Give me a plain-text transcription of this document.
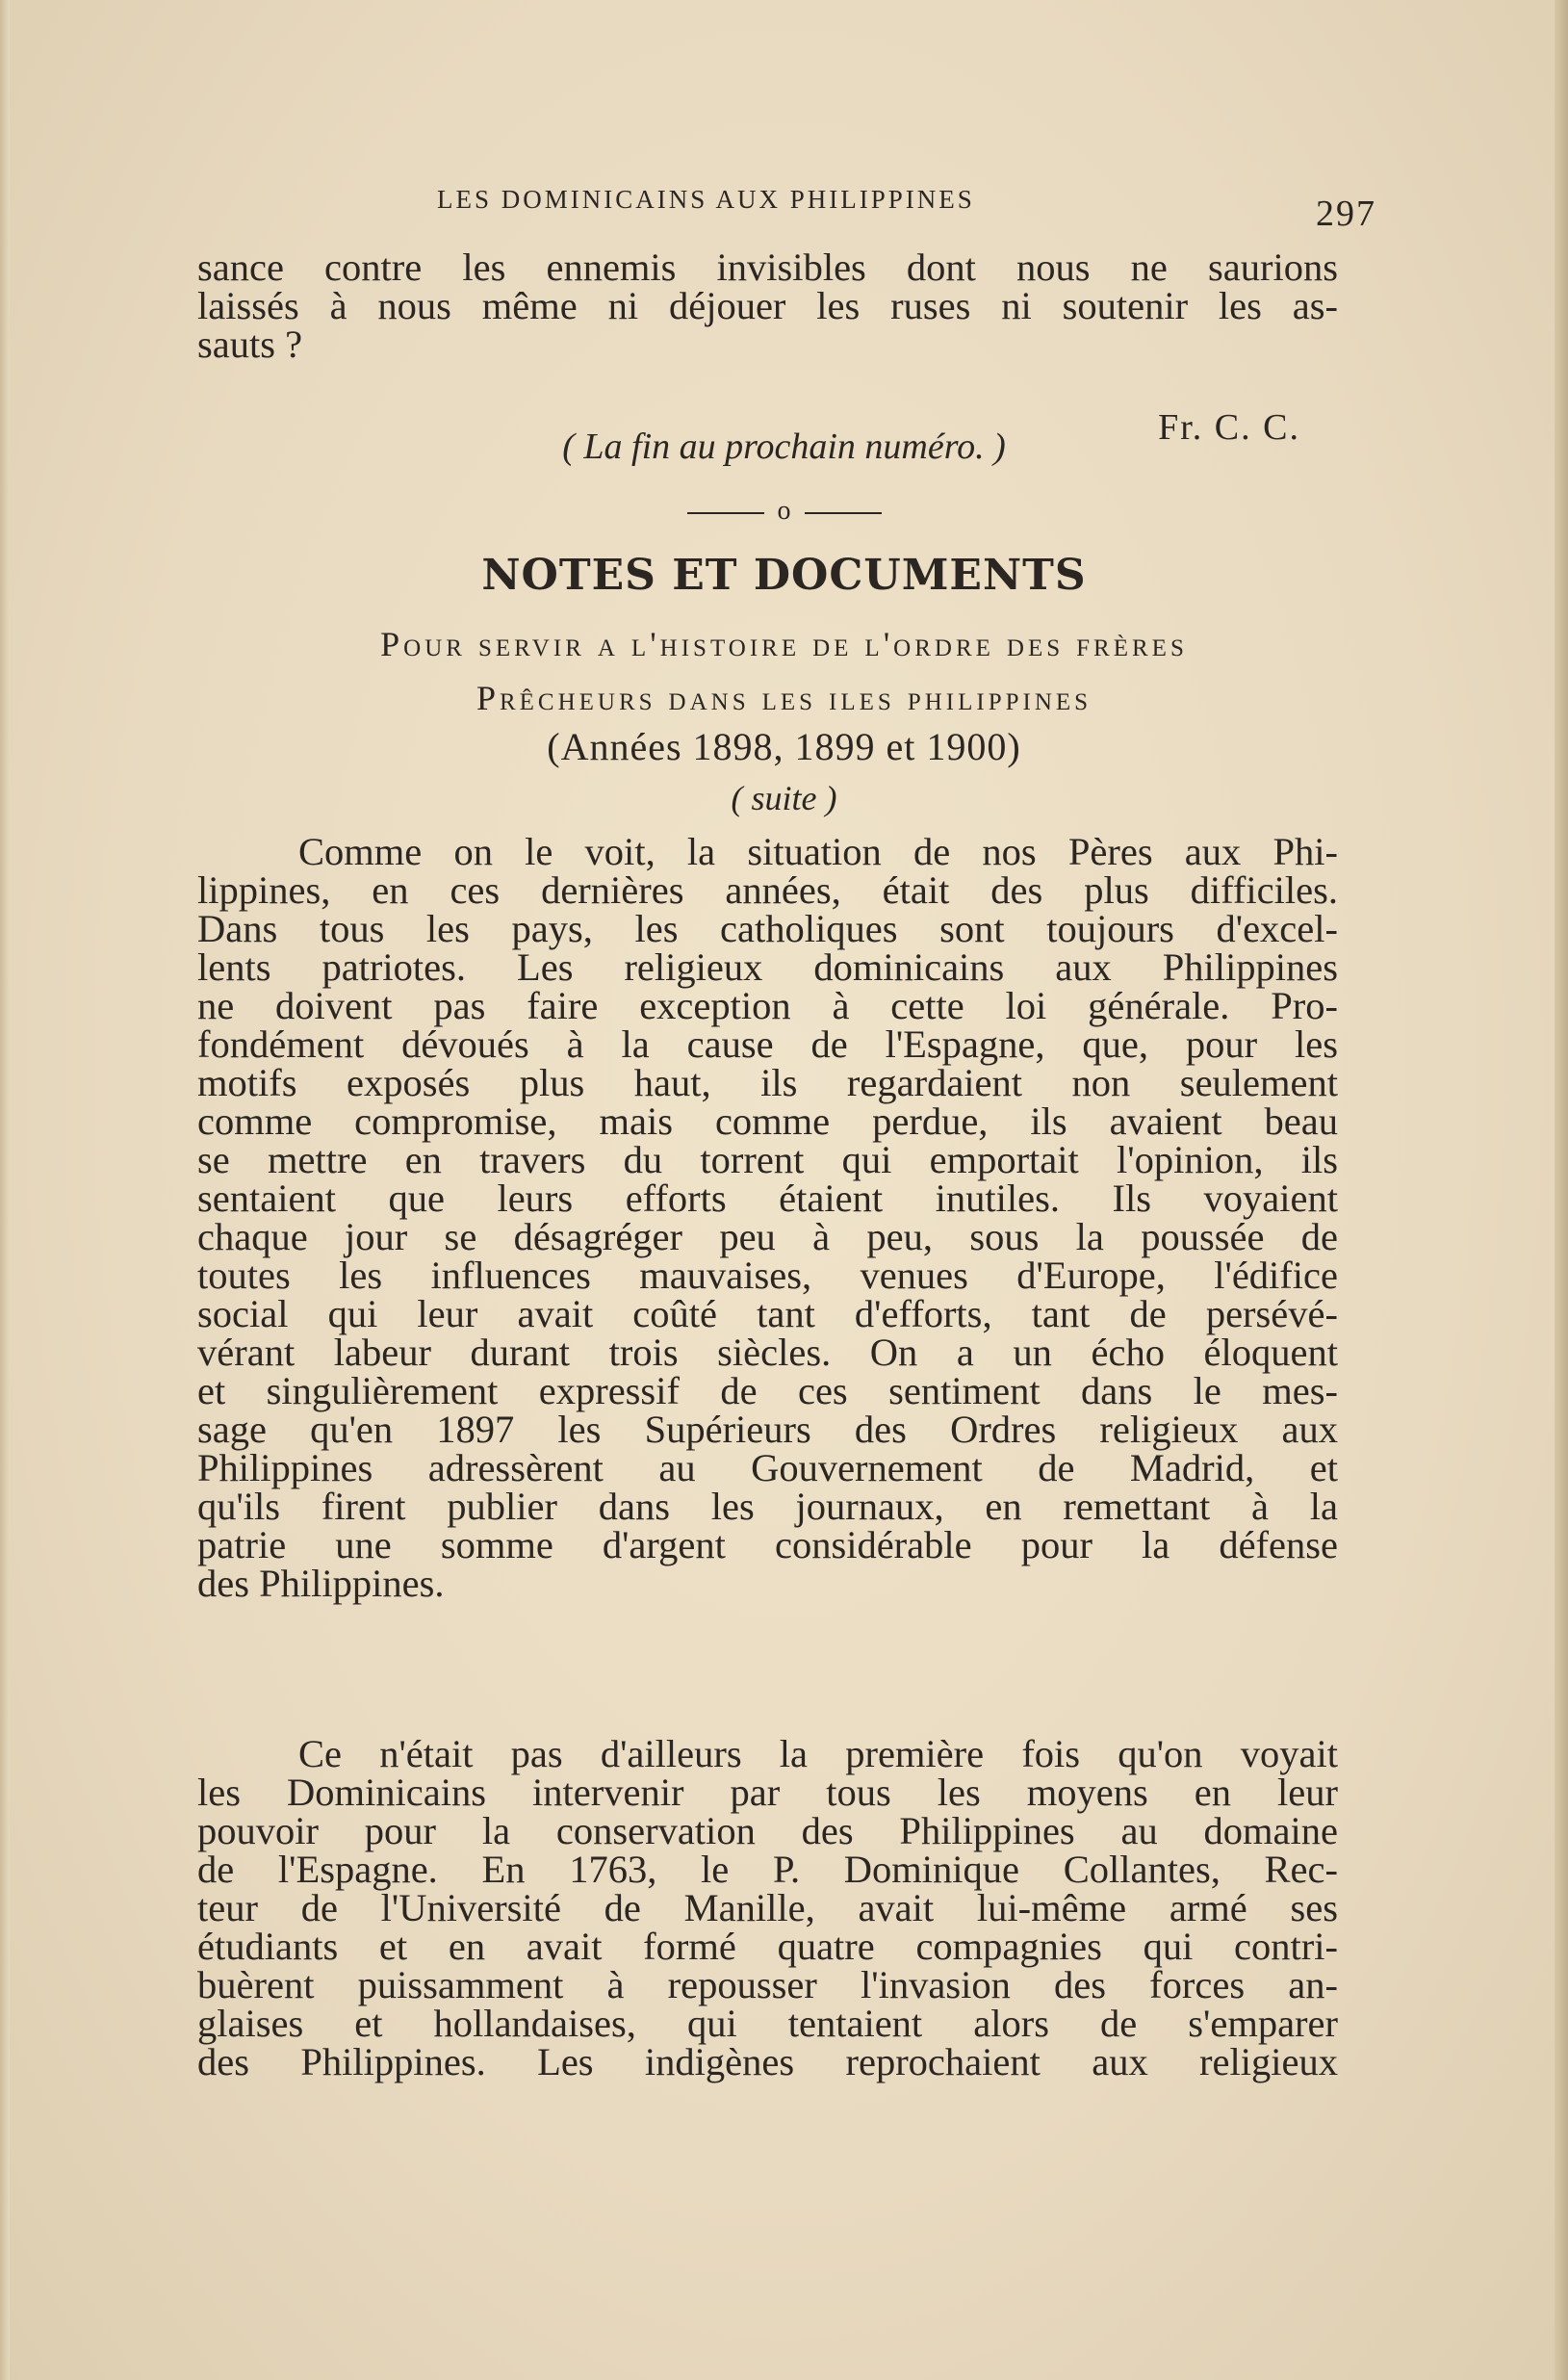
LES DOMINICAINS AUX PHILIPPINES	297
sance contre les ennemis invisibles dont nous ne saurions
laissés à nous même ni déjouer les ruses ni soutenir les as-
sauts ?
Fr. C. C.
( La fin au prochain numéro. )
o
NOTES ET DOCUMENTS
Pour servir a l'histoire de l'ordre des frères
Prêcheurs dans les iles philippines
(Années 1898, 1899 et 1900)
( suite )
Comme on le voit, la situation de nos Pères aux Phi-
lippines, en ces dernières années, était des plus difficiles.
Dans tous les pays, les catholiques sont toujours d'excel-
lents patriotes. Les religieux dominicains aux Philippines
ne doivent pas faire exception à cette loi générale. Pro-
fondément dévoués à la cause de l'Espagne, que, pour les
motifs exposés plus haut, ils regardaient non seulement
comme compromise, mais comme perdue, ils avaient beau
se mettre en travers du torrent qui emportait l'opinion, ils
sentaient que leurs efforts étaient inutiles. Ils voyaient
chaque jour se désagréger peu à peu, sous la poussée de
toutes les influences mauvaises, venues d'Europe, l'édifice
social qui leur avait coûté tant d'efforts, tant de persévé-
vérant labeur durant trois siècles. On a un écho éloquent
et singulièrement expressif de ces sentiment dans le mes-
sage qu'en 1897 les Supérieurs des Ordres religieux aux
Philippines adressèrent au Gouvernement de Madrid, et
qu'ils firent publier dans les journaux, en remettant à la
patrie une somme d'argent considérable pour la défense
des Philippines.
Ce n'était pas d'ailleurs la première fois qu'on voyait
les Dominicains intervenir par tous les moyens en leur
pouvoir pour la conservation des Philippines au domaine
de l'Espagne. En 1763, le P. Dominique Collantes, Rec-
teur de l'Université de Manille, avait lui-même armé ses
étudiants et en avait formé quatre compagnies qui contri-
buèrent puissamment à repousser l'invasion des forces an-
glaises et hollandaises, qui tentaient alors de s'emparer
des Philippines. Les indigènes reprochaient aux religieux
